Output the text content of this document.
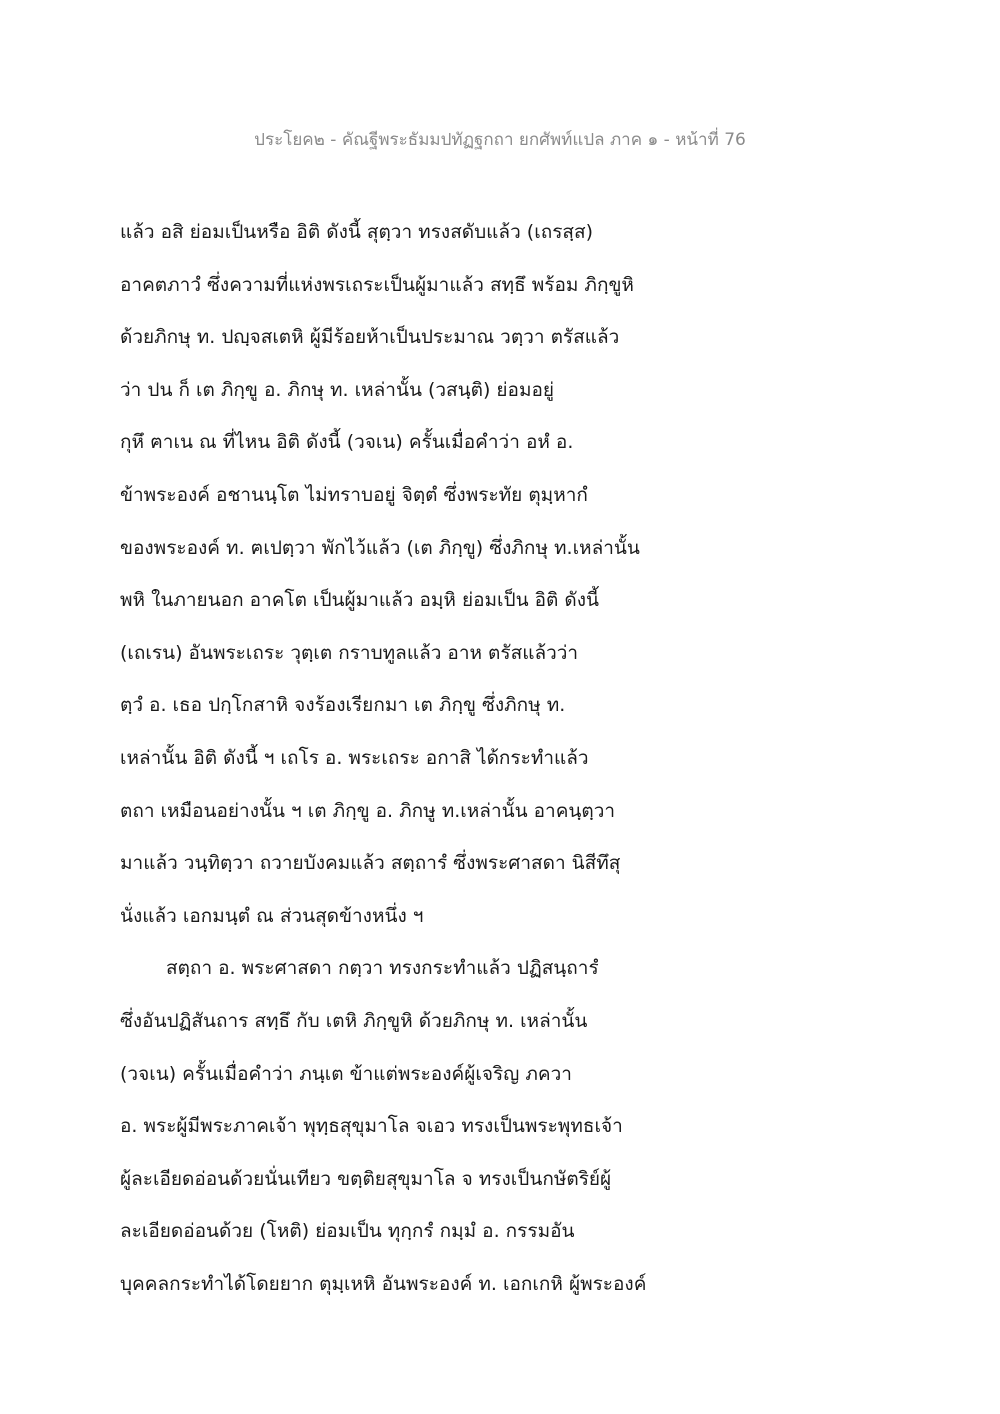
ประโยค๒ - คัณฐีพระธัมมปทัฏฐกถา ยกศัพท์แปล ภาค ๑ - หน้าที่ 76
แล้ว อสิ ย่อมเป็นหรือ อิติ ดังนี้ สุตฺวา ทรงสดับแล้ว (เถรสฺส)
อาคตภาวํ ซึ่งความที่แห่งพรเถระเป็นผู้มาแล้ว สทฺธึ พร้อม ภิกฺขูหิ
ด้วยภิกษุ ท. ปญฺจสเตหิ ผู้มีร้อยห้าเป็นประมาณ วตฺวา ตรัสแล้ว
ว่า ปน ก็ เต ภิกฺขู อ. ภิกษุ ท. เหล่านั้น (วสนฺติ) ย่อมอยู่
กุหึ ฅาเน ณ ที่ไหน อิติ ดังนี้ (วจเน) ครั้นเมื่อคำว่า อหํ อ.
ข้าพระองค์ อชานนฺโต ไม่ทราบอยู่ จิตฺตํ ซึ่งพระทัย ตุมฺหากํ
ของพระองค์ ท. ฅเปตฺวา พักไว้แล้ว (เต ภิกฺขู) ซึ่งภิกษุ ท.เหล่านั้น
พหิ ในภายนอก อาคโต เป็นผู้มาแล้ว อมฺหิ ย่อมเป็น อิติ ดังนี้
(เถเรน) อันพระเถระ วุตฺเต กราบทูลแล้ว อาห ตรัสแล้วว่า
ตฺวํ อ. เธอ ปกฺโกสาหิ จงร้องเรียกมา เต ภิกฺขู ซึ่งภิกษุ ท.
เหล่านั้น อิติ ดังนี้ ฯ เถโร อ. พระเถระ อกาสิ ได้กระทำแล้ว
ตถา เหมือนอย่างนั้น ฯ เต ภิกฺขู อ. ภิกษู ท.เหล่านั้น อาคนฺตฺวา
มาแล้ว วนฺทิตฺวา ถวายบังคมแล้ว สตฺถารํ ซึ่งพระศาสดา นิสีทึสุ
นั่งแล้ว เอกมนฺตํ ณ ส่วนสุดข้างหนึ่ง ฯ
สตฺถา อ. พระศาสดา กตฺวา ทรงกระทำแล้ว ปฏิสนฺถารํ
ซึ่งอันปฏิสันถาร สทฺธึ กับ เตหิ ภิกฺขูหิ ด้วยภิกษุ ท. เหล่านั้น
(วจเน) ครั้นเมื่อคำว่า ภนฺเต ข้าแต่พระองค์ผู้เจริญ ภควา
อ. พระผู้มีพระภาคเจ้า พุทฺธสุขุมาโล จเอว ทรงเป็นพระพุทธเจ้า
ผู้ละเอียดอ่อนด้วยนั่นเทียว ขตฺติยสุขุมาโล จ ทรงเป็นกษัตริย์ผู้
ละเอียดอ่อนด้วย (โหติ) ย่อมเป็น ทุกฺกรํ กมฺมํ อ. กรรมอัน
บุคคลกระทำได้โดยยาก ตุมฺเหหิ อันพระองค์ ท. เอกเกหิ ผู้พระองค์
